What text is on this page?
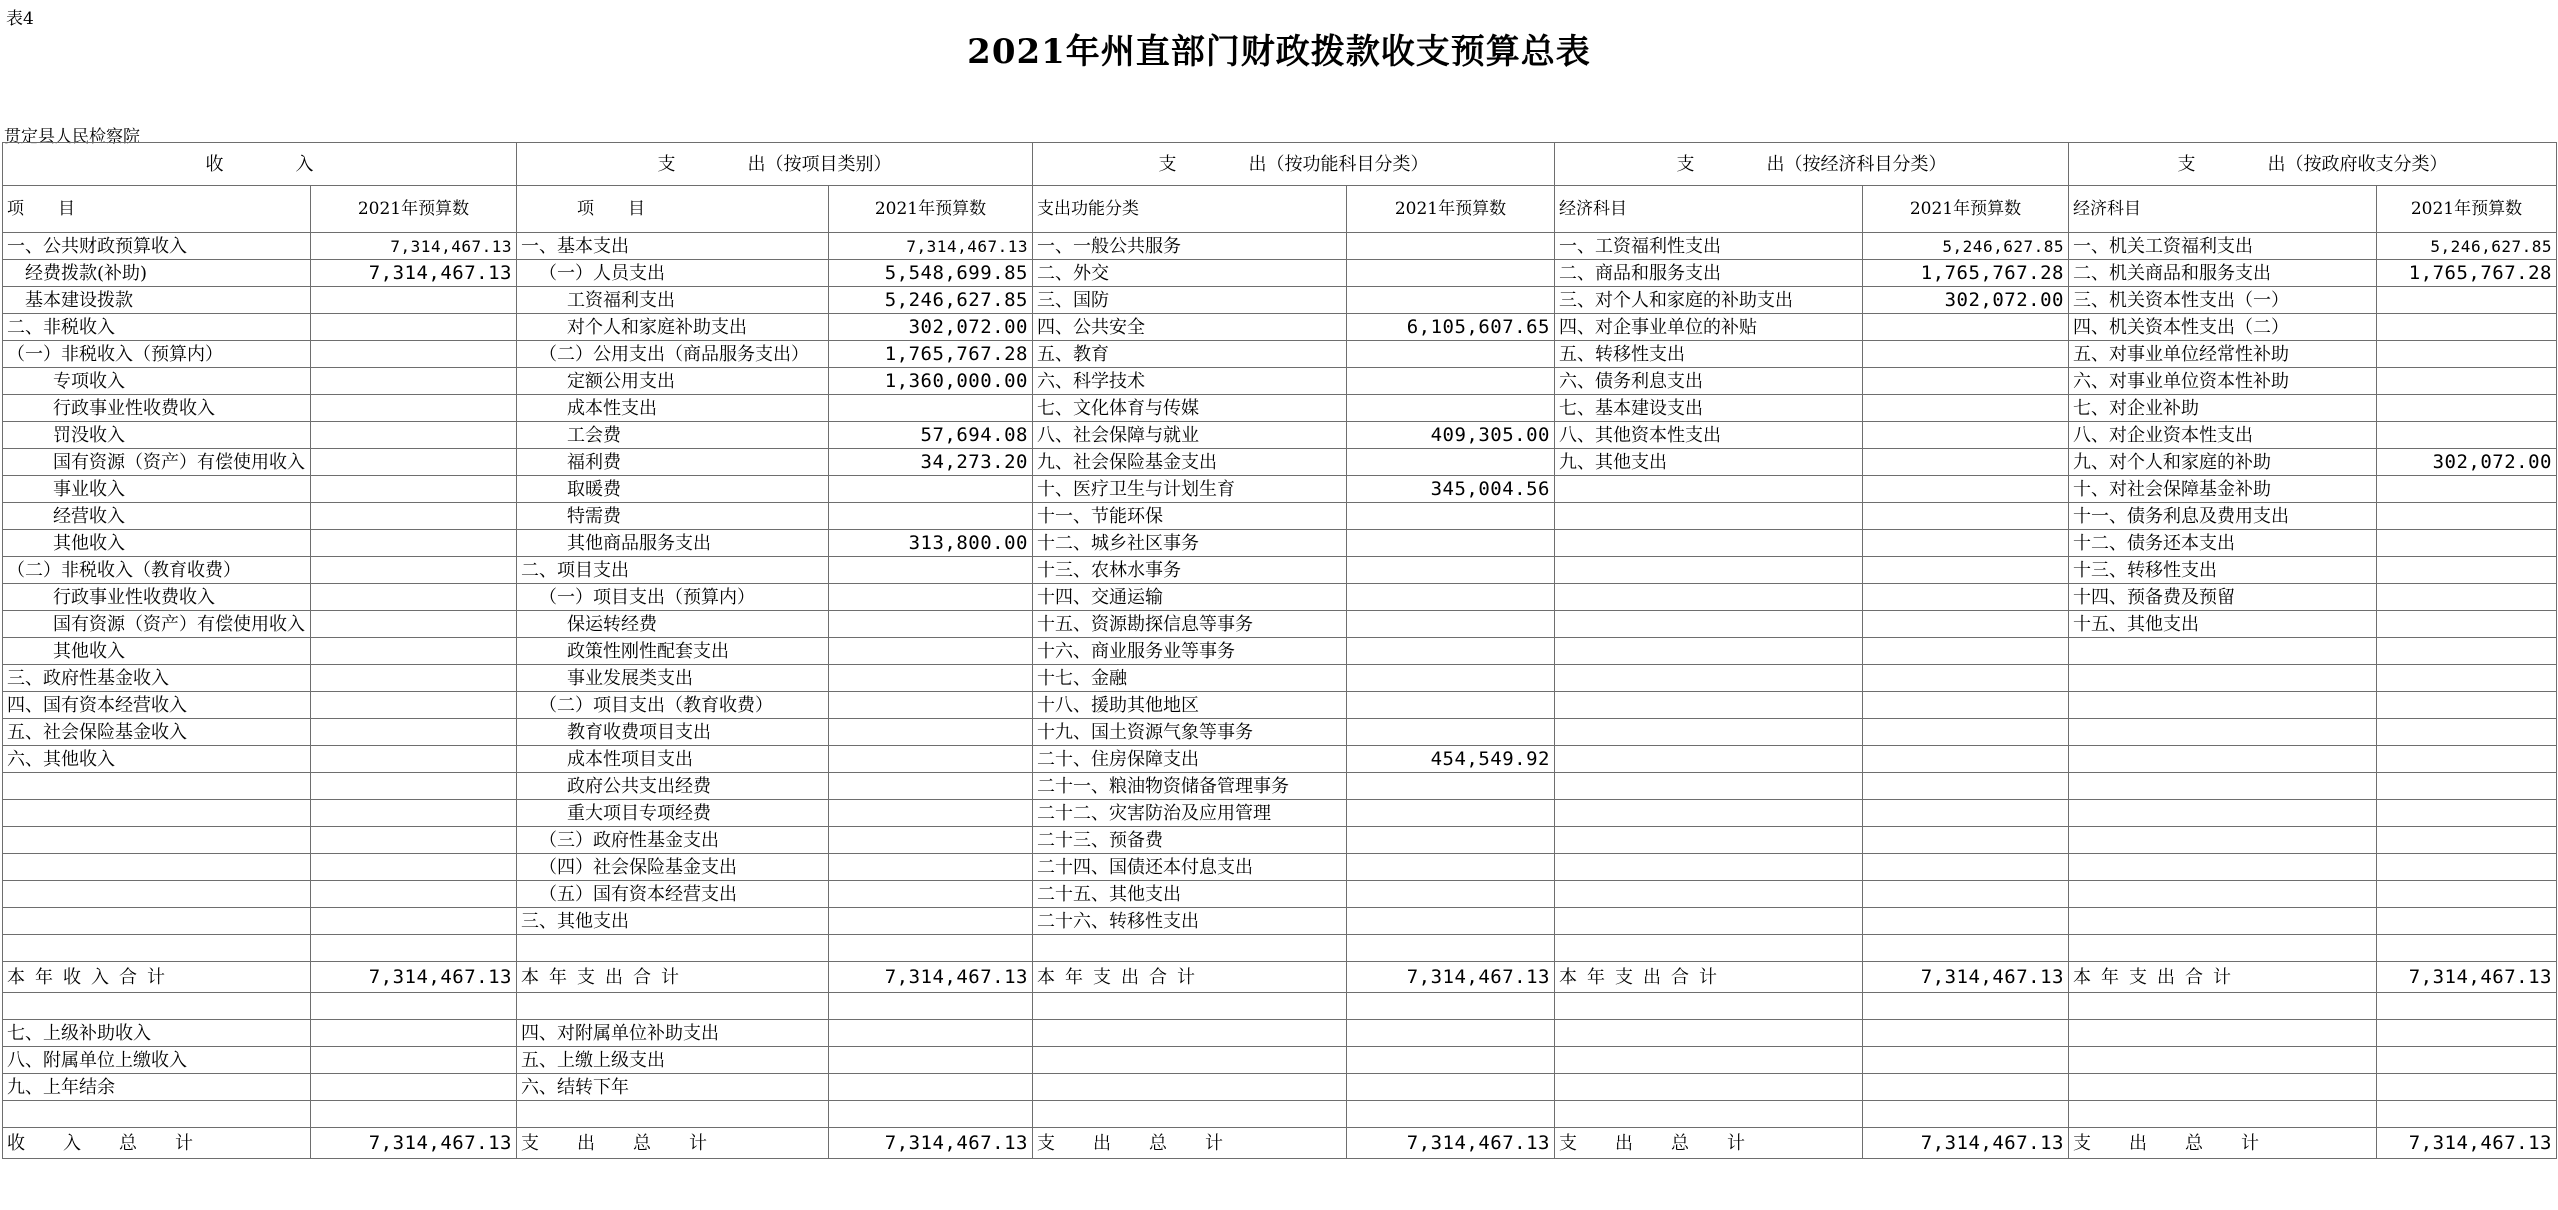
表4
2021年州直部门财政拨款收支预算总表
贯定县人民检察院
收　　　　入		支　　　　出（按项目类别）		支　　　　出（按功能科目分类）		支　　　　出（按经济科目分类）		支　　　　出（按政府收支分类）	
项　　目	2021年预算数	项　　目	2021年预算数	支出功能分类	2021年预算数	经济科目	2021年预算数	经济科目	2021年预算数
一、公共财政预算收入	7,314,467.13	一、基本支出	7,314,467.13	一、一般公共服务		一、工资福利性支出	5,246,627.85	一、机关工资福利支出	5,246,627.85
经费拨款(补助)	7,314,467.13	（一）人员支出	5,548,699.85	二、外交		二、商品和服务支出	1,765,767.28	二、机关商品和服务支出	1,765,767.28
基本建设拨款		工资福利支出	5,246,627.85	三、国防		三、对个人和家庭的补助支出	302,072.00	三、机关资本性支出（一）	
二、非税收入		对个人和家庭补助支出	302,072.00	四、公共安全	6,105,607.65	四、对企事业单位的补贴		四、机关资本性支出（二）	
（一）非税收入（预算内）		（二）公用支出（商品服务支出）	1,765,767.28	五、教育		五、转移性支出		五、对事业单位经常性补助	
专项收入		定额公用支出	1,360,000.00	六、科学技术		六、债务利息支出		六、对事业单位资本性补助	
行政事业性收费收入		成本性支出		七、文化体育与传媒		七、基本建设支出		七、对企业补助	
罚没收入		工会费	57,694.08	八、社会保障与就业	409,305.00	八、其他资本性支出		八、对企业资本性支出	
国有资源（资产）有偿使用收入		福利费	34,273.20	九、社会保险基金支出		九、其他支出		九、对个人和家庭的补助	302,072.00
事业收入		取暖费		十、医疗卫生与计划生育	345,004.56			十、对社会保障基金补助	
经营收入		特需费		十一、节能环保				十一、债务利息及费用支出	
其他收入		其他商品服务支出	313,800.00	十二、城乡社区事务				十二、债务还本支出	
（二）非税收入（教育收费）		二、项目支出		十三、农林水事务				十三、转移性支出	
行政事业性收费收入		（一）项目支出（预算内）		十四、交通运输				十四、预备费及预留	
国有资源（资产）有偿使用收入		保运转经费		十五、资源勘探信息等事务				十五、其他支出	
其他收入		政策性刚性配套支出		十六、商业服务业等事务					
三、政府性基金收入		事业发展类支出		十七、金融					
四、国有资本经营收入		（二）项目支出（教育收费）		十八、援助其他地区					
五、社会保险基金收入		教育收费项目支出		十九、国土资源气象等事务					
六、其他收入		成本性项目支出		二十、住房保障支出	454,549.92				
		政府公共支出经费		二十一、粮油物资储备管理事务					
		重大项目专项经费		二十二、灾害防治及应用管理					
		（三）政府性基金支出		二十三、预备费					
		（四）社会保险基金支出		二十四、国债还本付息支出					
		（五）国有资本经营支出		二十五、其他支出					
		三、其他支出		二十六、转移性支出					

本年收入合计	7,314,467.13	本年支出合计	7,314,467.13	本年支出合计	7,314,467.13	本年支出合计	7,314,467.13	本年支出合计	7,314,467.13

七、上级补助收入		四、对附属单位补助支出							
八、附属单位上缴收入		五、上缴上级支出							
九、上年结余		六、结转下年							

收　入　总　计	7,314,467.13	支　出　总　计	7,314,467.13	支　出　总　计	7,314,467.13	支　出　总　计	7,314,467.13	支　出　总　计	7,314,467.13
